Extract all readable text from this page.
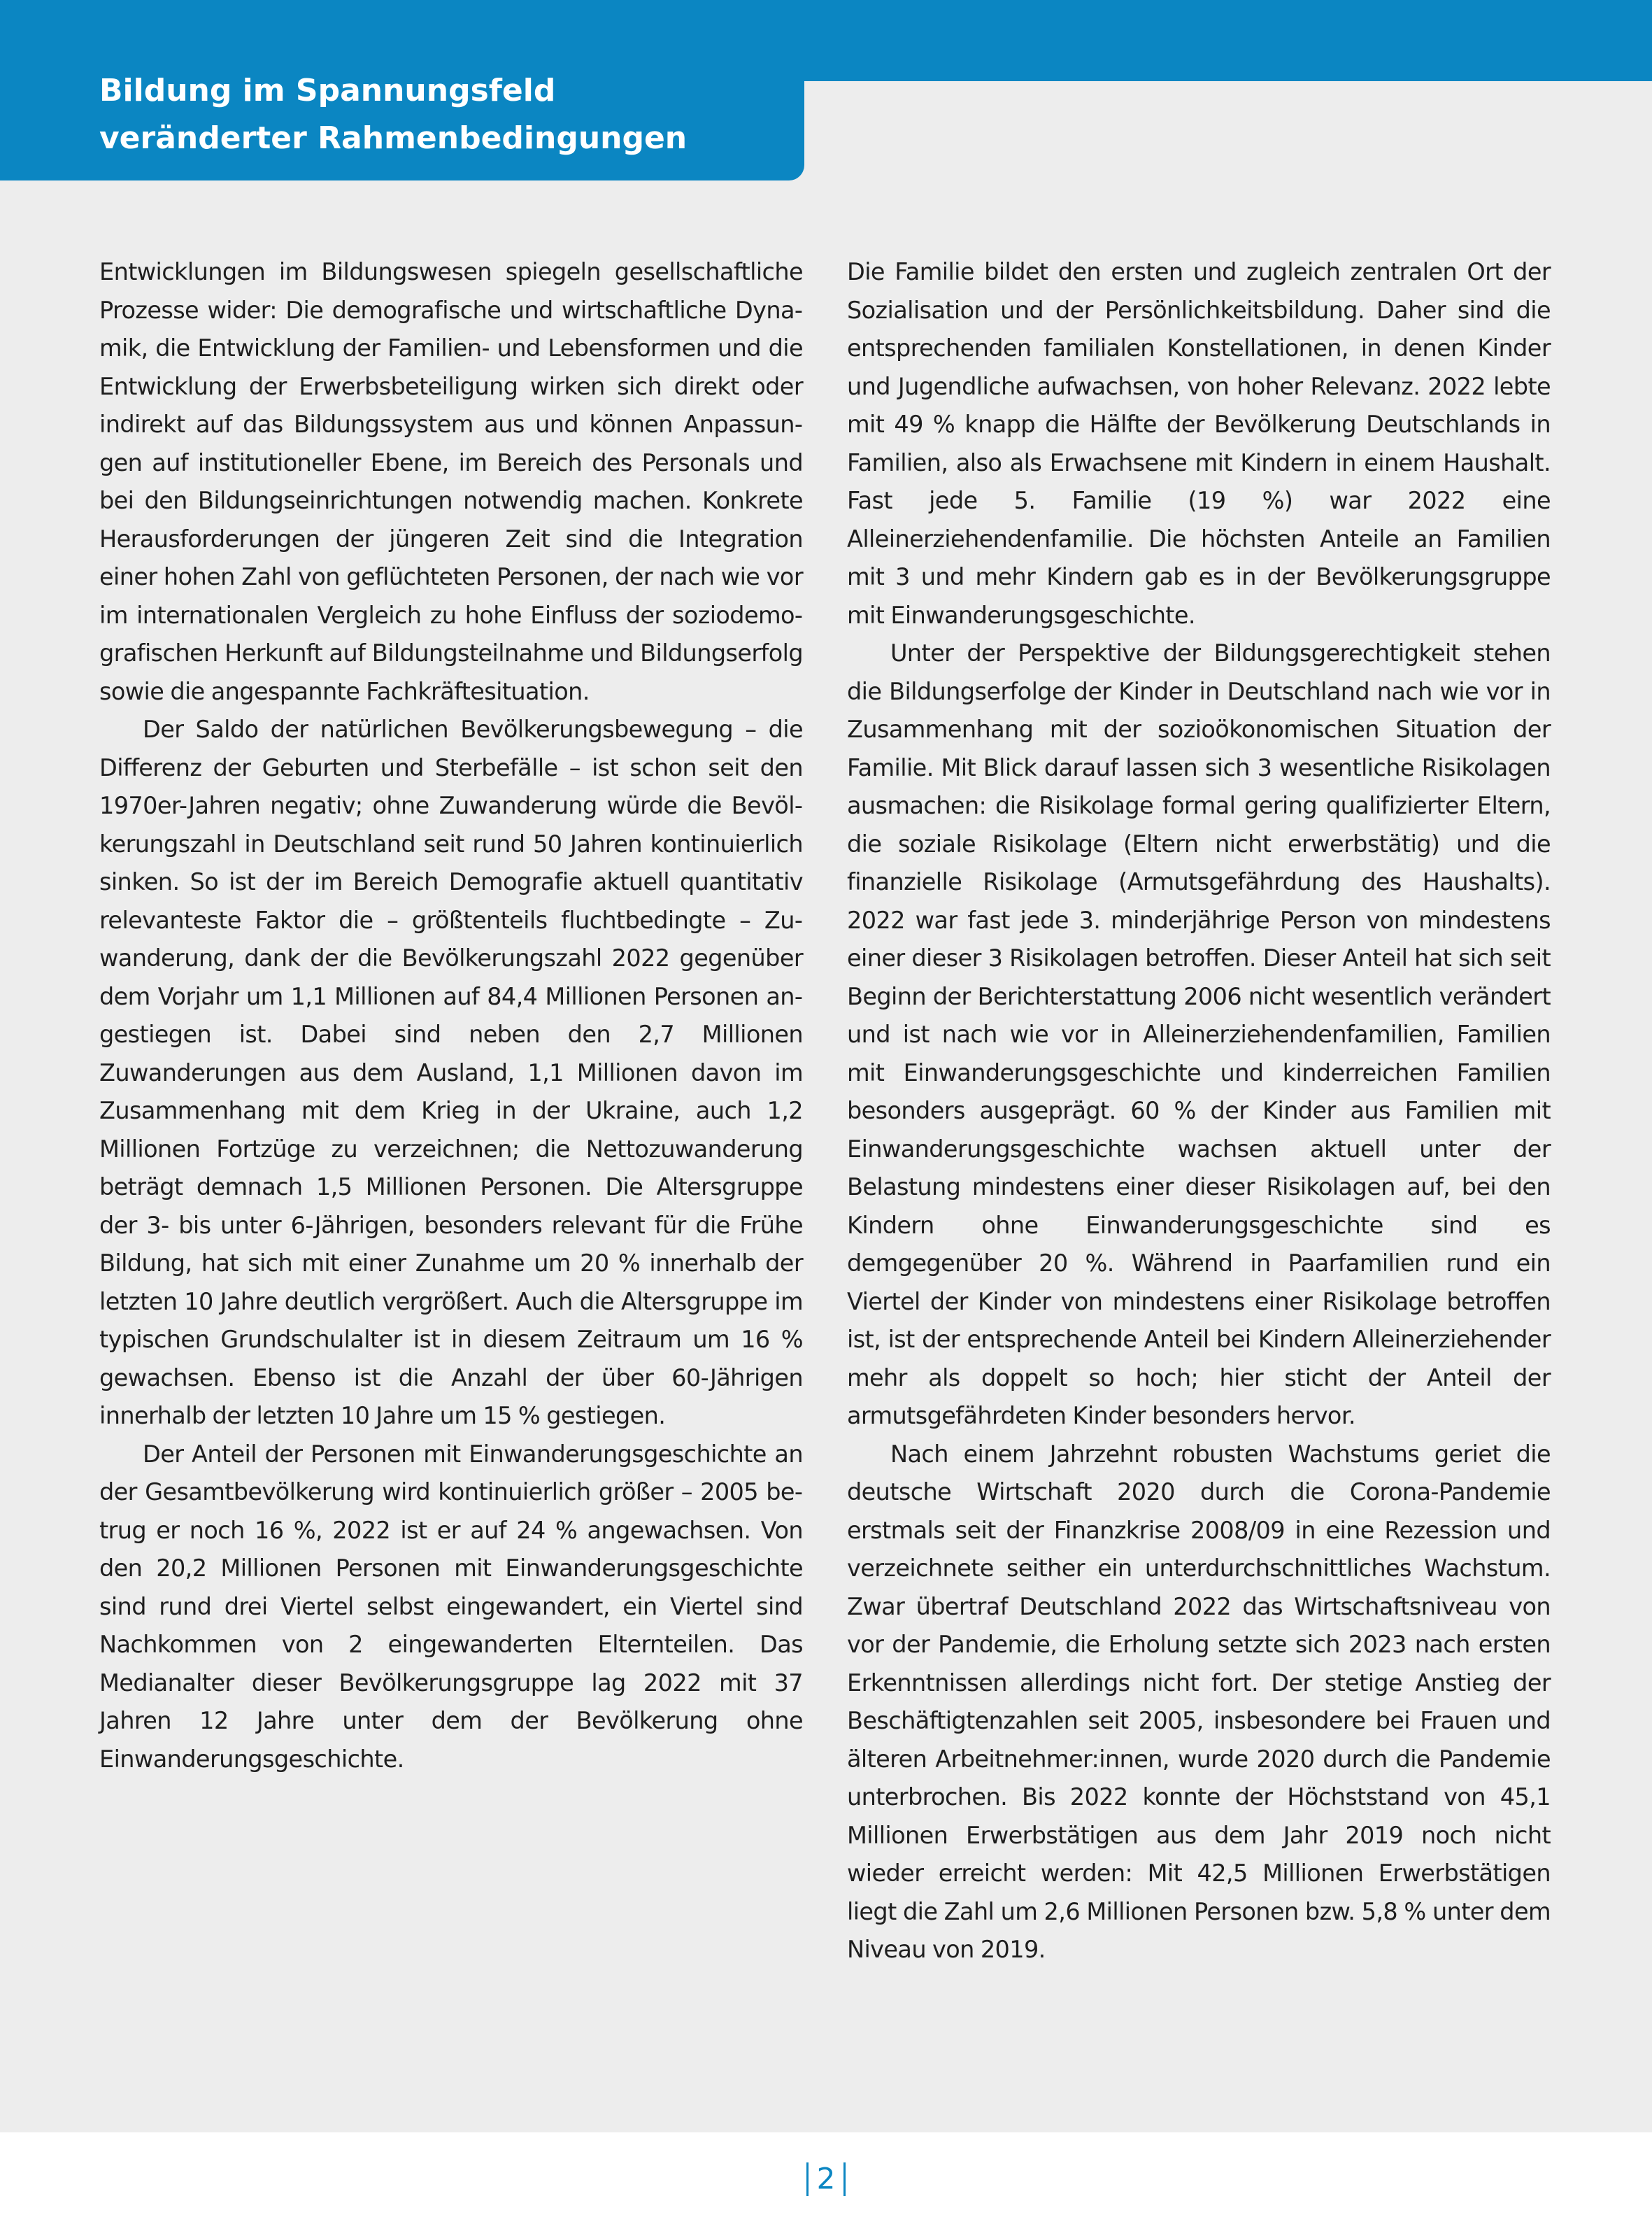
Bildung im Spannungsfeld
veränderter Rahmenbedingungen

Entwicklungen im Bildungswesen spiegeln gesellschaftliche Prozesse wider: Die demografische und wirtschaftliche Dynamik, die Entwicklung der Familien- und Lebensformen und die Entwicklung der Erwerbsbeteiligung wirken sich direkt oder indirekt auf das Bildungssystem aus und können Anpassungen auf institutioneller Ebene, im Bereich des Personals und bei den Bildungseinrichtungen notwendig machen. Konkrete Herausforderungen der jüngeren Zeit sind die Integration einer hohen Zahl von geflüchteten Personen, der nach wie vor im internationalen Vergleich zu hohe Einfluss der soziodemografischen Herkunft auf Bildungsteilnahme und Bildungserfolg sowie die angespannte Fachkräftesituation.

Der Saldo der natürlichen Bevölkerungsbewegung – die Differenz der Geburten und Sterbefälle – ist schon seit den 1970er-Jahren negativ; ohne Zuwanderung würde die Bevölkerungszahl in Deutschland seit rund 50 Jahren kontinuierlich sinken. So ist der im Bereich Demografie aktuell quantitativ relevanteste Faktor die – größtenteils fluchtbedingte – Zuwanderung, dank der die Bevölkerungszahl 2022 gegenüber dem Vorjahr um 1,1 Millionen auf 84,4 Millionen Personen angestiegen ist. Dabei sind neben den 2,7 Millionen Zuwanderungen aus dem Ausland, 1,1 Millionen davon im Zusammenhang mit dem Krieg in der Ukraine, auch 1,2 Millionen Fortzüge zu verzeichnen; die Nettozuwanderung beträgt demnach 1,5 Millionen Personen. Die Altersgruppe der 3- bis unter 6-Jährigen, besonders relevant für die Frühe Bildung, hat sich mit einer Zunahme um 20 % innerhalb der letzten 10 Jahre deutlich vergrößert. Auch die Altersgruppe im typischen Grundschulalter ist in diesem Zeitraum um 16 % gewachsen. Ebenso ist die Anzahl der über 60-Jährigen innerhalb der letzten 10 Jahre um 15 % gestiegen.

Der Anteil der Personen mit Einwanderungsgeschichte an der Gesamtbevölkerung wird kontinuierlich größer – 2005 betrug er noch 16 %, 2022 ist er auf 24 % angewachsen. Von den 20,2 Millionen Personen mit Einwanderungsgeschichte sind rund drei Viertel selbst eingewandert, ein Viertel sind Nachkommen von 2 eingewanderten Elternteilen. Das Medianalter dieser Bevölkerungsgruppe lag 2022 mit 37 Jahren 12 Jahre unter dem der Bevölkerung ohne Einwanderungsgeschichte.

Die Familie bildet den ersten und zugleich zentralen Ort der Sozialisation und der Persönlichkeitsbildung. Daher sind die entsprechenden familialen Konstellationen, in denen Kinder und Jugendliche aufwachsen, von hoher Relevanz. 2022 lebte mit 49 % knapp die Hälfte der Bevölkerung Deutschlands in Familien, also als Erwachsene mit Kindern in einem Haushalt. Fast jede 5. Familie (19 %) war 2022 eine Alleinerziehendenfamilie. Die höchsten Anteile an Familien mit 3 und mehr Kindern gab es in der Bevölkerungsgruppe mit Einwanderungsgeschichte.

Unter der Perspektive der Bildungsgerechtigkeit stehen die Bildungserfolge der Kinder in Deutschland nach wie vor in Zusammenhang mit der sozioökonomischen Situation der Familie. Mit Blick darauf lassen sich 3 wesentliche Risikolagen ausmachen: die Risikolage formal gering qualifizierter Eltern, die soziale Risikolage (Eltern nicht erwerbstätig) und die finanzielle Risikolage (Armutsgefährdung des Haushalts). 2022 war fast jede 3. minderjährige Person von mindestens einer dieser 3 Risikolagen betroffen. Dieser Anteil hat sich seit Beginn der Berichterstattung 2006 nicht wesentlich verändert und ist nach wie vor in Alleinerziehendenfamilien, Familien mit Einwanderungsgeschichte und kinderreichen Familien besonders ausgeprägt. 60 % der Kinder aus Familien mit Einwanderungsgeschichte wachsen aktuell unter der Belastung mindestens einer dieser Risikolagen auf, bei den Kindern ohne Einwanderungsgeschichte sind es demgegenüber 20 %. Während in Paarfamilien rund ein Viertel der Kinder von mindestens einer Risikolage betroffen ist, ist der entsprechende Anteil bei Kindern Alleinerziehender mehr als doppelt so hoch; hier sticht der Anteil der armutsgefährdeten Kinder besonders hervor.

Nach einem Jahrzehnt robusten Wachstums geriet die deutsche Wirtschaft 2020 durch die Corona-Pandemie erstmals seit der Finanzkrise 2008/09 in eine Rezession und verzeichnete seither ein unterdurchschnittliches Wachstum. Zwar übertraf Deutschland 2022 das Wirtschaftsniveau von vor der Pandemie, die Erholung setzte sich 2023 nach ersten Erkenntnissen allerdings nicht fort. Der stetige Anstieg der Beschäftigtenzahlen seit 2005, insbesondere bei Frauen und älteren Arbeitnehmer:innen, wurde 2020 durch die Pandemie unterbrochen. Bis 2022 konnte der Höchststand von 45,1 Millionen Erwerbstätigen aus dem Jahr 2019 noch nicht wieder erreicht werden: Mit 42,5 Millionen Erwerbstätigen liegt die Zahl um 2,6 Millionen Personen bzw. 5,8 % unter dem Niveau von 2019.

2
